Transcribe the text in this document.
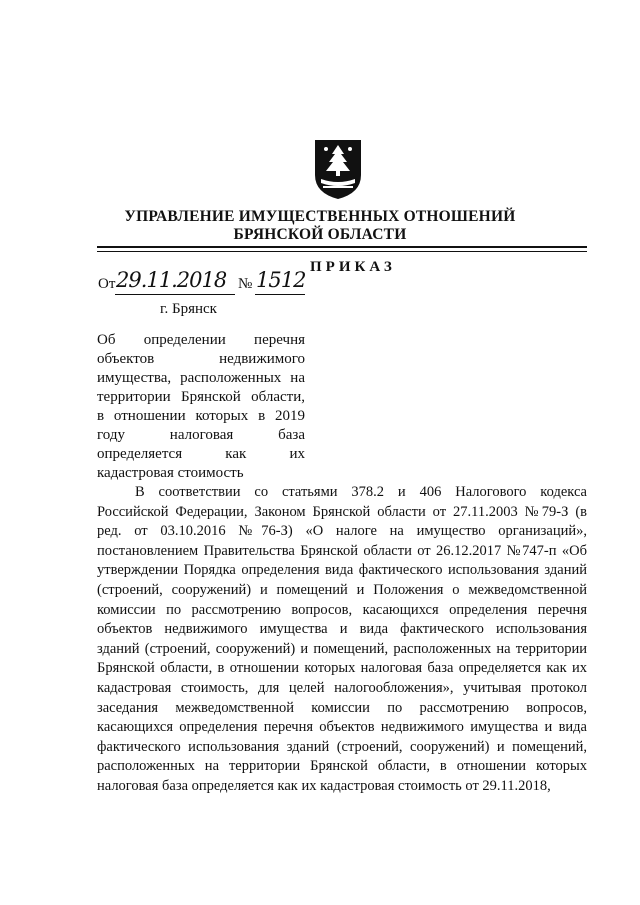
УПРАВЛЕНИЕ ИМУЩЕСТВЕННЫХ ОТНОШЕНИЙ
БРЯНСКОЙ ОБЛАСТИ
ПРИКАЗ
От 29.11.2018 № 1512
г. Брянск
Об определении перечня
объектов недвижимого
имущества, расположенных на
территории Брянской области,
в отношении которых в 2019
году налоговая база
определяется как их
кадастровая стоимость
В соответствии со статьями 378.2 и 406 Налогового кодекса
Российской Федерации, Законом Брянской области от 27.11.2003 №79-З (в
ред. от 03.10.2016 №76-З) «О налоге на имущество организаций»,
постановлением Правительства Брянской области от 26.12.2017 №747-п «Об
утверждении Порядка определения вида фактического использования зданий
(строений, сооружений) и помещений и Положения о межведомственной
комиссии по рассмотрению вопросов, касающихся определения перечня
объектов недвижимого имущества и вида фактического использования
зданий (строений, сооружений) и помещений, расположенных на территории
Брянской области, в отношении которых налоговая база определяется как их
кадастровая стоимость, для целей налогообложения», учитывая протокол
заседания межведомственной комиссии по рассмотрению вопросов,
касающихся определения перечня объектов недвижимого имущества и вида
фактического использования зданий (строений, сооружений) и помещений,
расположенных на территории Брянской области, в отношении которых
налоговая база определяется как их кадастровая стоимость от 29.11.2018,
